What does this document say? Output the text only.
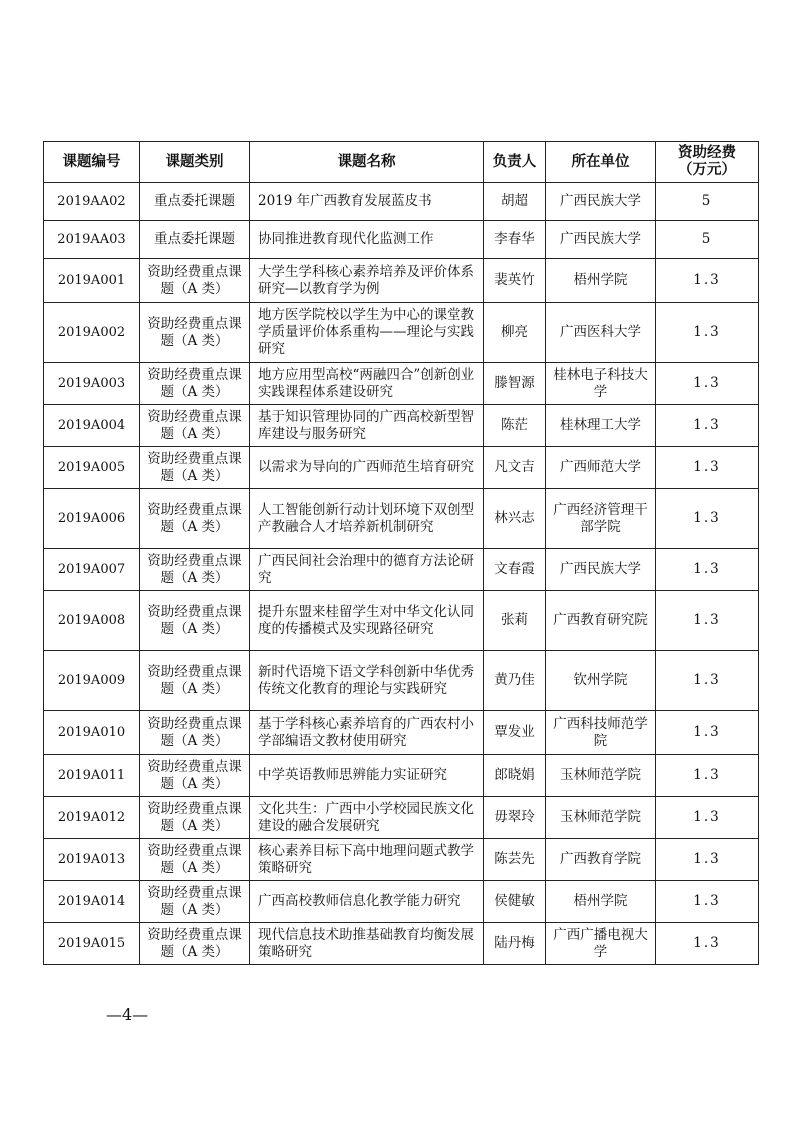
课题编号	课题类别	课题名称	负责人	所在单位	资助经费（万元）
2019AA02	重点委托课题	2019 年广西教育发展蓝皮书	胡超	广西民族大学	5
2019AA03	重点委托课题	协同推进教育现代化监测工作	李春华	广西民族大学	5
2019A001	资助经费重点课题（A 类）	大学生学科核心素养培养及评价体系研究—以教育学为例	裴英竹	梧州学院	1.3
2019A002	资助经费重点课题（A 类）	地方医学院校以学生为中心的课堂教学质量评价体系重构——理论与实践研究	柳亮	广西医科大学	1.3
2019A003	资助经费重点课题（A 类）	地方应用型高校“两融四合”创新创业实践课程体系建设研究	滕智源	桂林电子科技大学	1.3
2019A004	资助经费重点课题（A 类）	基于知识管理协同的广西高校新型智库建设与服务研究	陈茫	桂林理工大学	1.3
2019A005	资助经费重点课题（A 类）	以需求为导向的广西师范生培育研究	凡文吉	广西师范大学	1.3
2019A006	资助经费重点课题（A 类）	人工智能创新行动计划环境下双创型产教融合人才培养新机制研究	林兴志	广西经济管理干部学院	1.3
2019A007	资助经费重点课题（A 类）	广西民间社会治理中的德育方法论研究	文春霞	广西民族大学	1.3
2019A008	资助经费重点课题（A 类）	提升东盟来桂留学生对中华文化认同度的传播模式及实现路径研究	张莉	广西教育研究院	1.3
2019A009	资助经费重点课题（A 类）	新时代语境下语文学科创新中华优秀传统文化教育的理论与实践研究	黄乃佳	钦州学院	1.3
2019A010	资助经费重点课题（A 类）	基于学科核心素养培育的广西农村小学部编语文教材使用研究	覃发业	广西科技师范学院	1.3
2019A011	资助经费重点课题（A 类）	中学英语教师思辨能力实证研究	郎晓娟	玉林师范学院	1.3
2019A012	资助经费重点课题（A 类）	文化共生：广西中小学校园民族文化建设的融合发展研究	毋翠玲	玉林师范学院	1.3
2019A013	资助经费重点课题（A 类）	核心素养目标下高中地理问题式教学策略研究	陈芸先	广西教育学院	1.3
2019A014	资助经费重点课题（A 类）	广西高校教师信息化教学能力研究	侯健敏	梧州学院	1.3
2019A015	资助经费重点课题（A 类）	现代信息技术助推基础教育均衡发展策略研究	陆丹梅	广西广播电视大学	1.3
—4—
